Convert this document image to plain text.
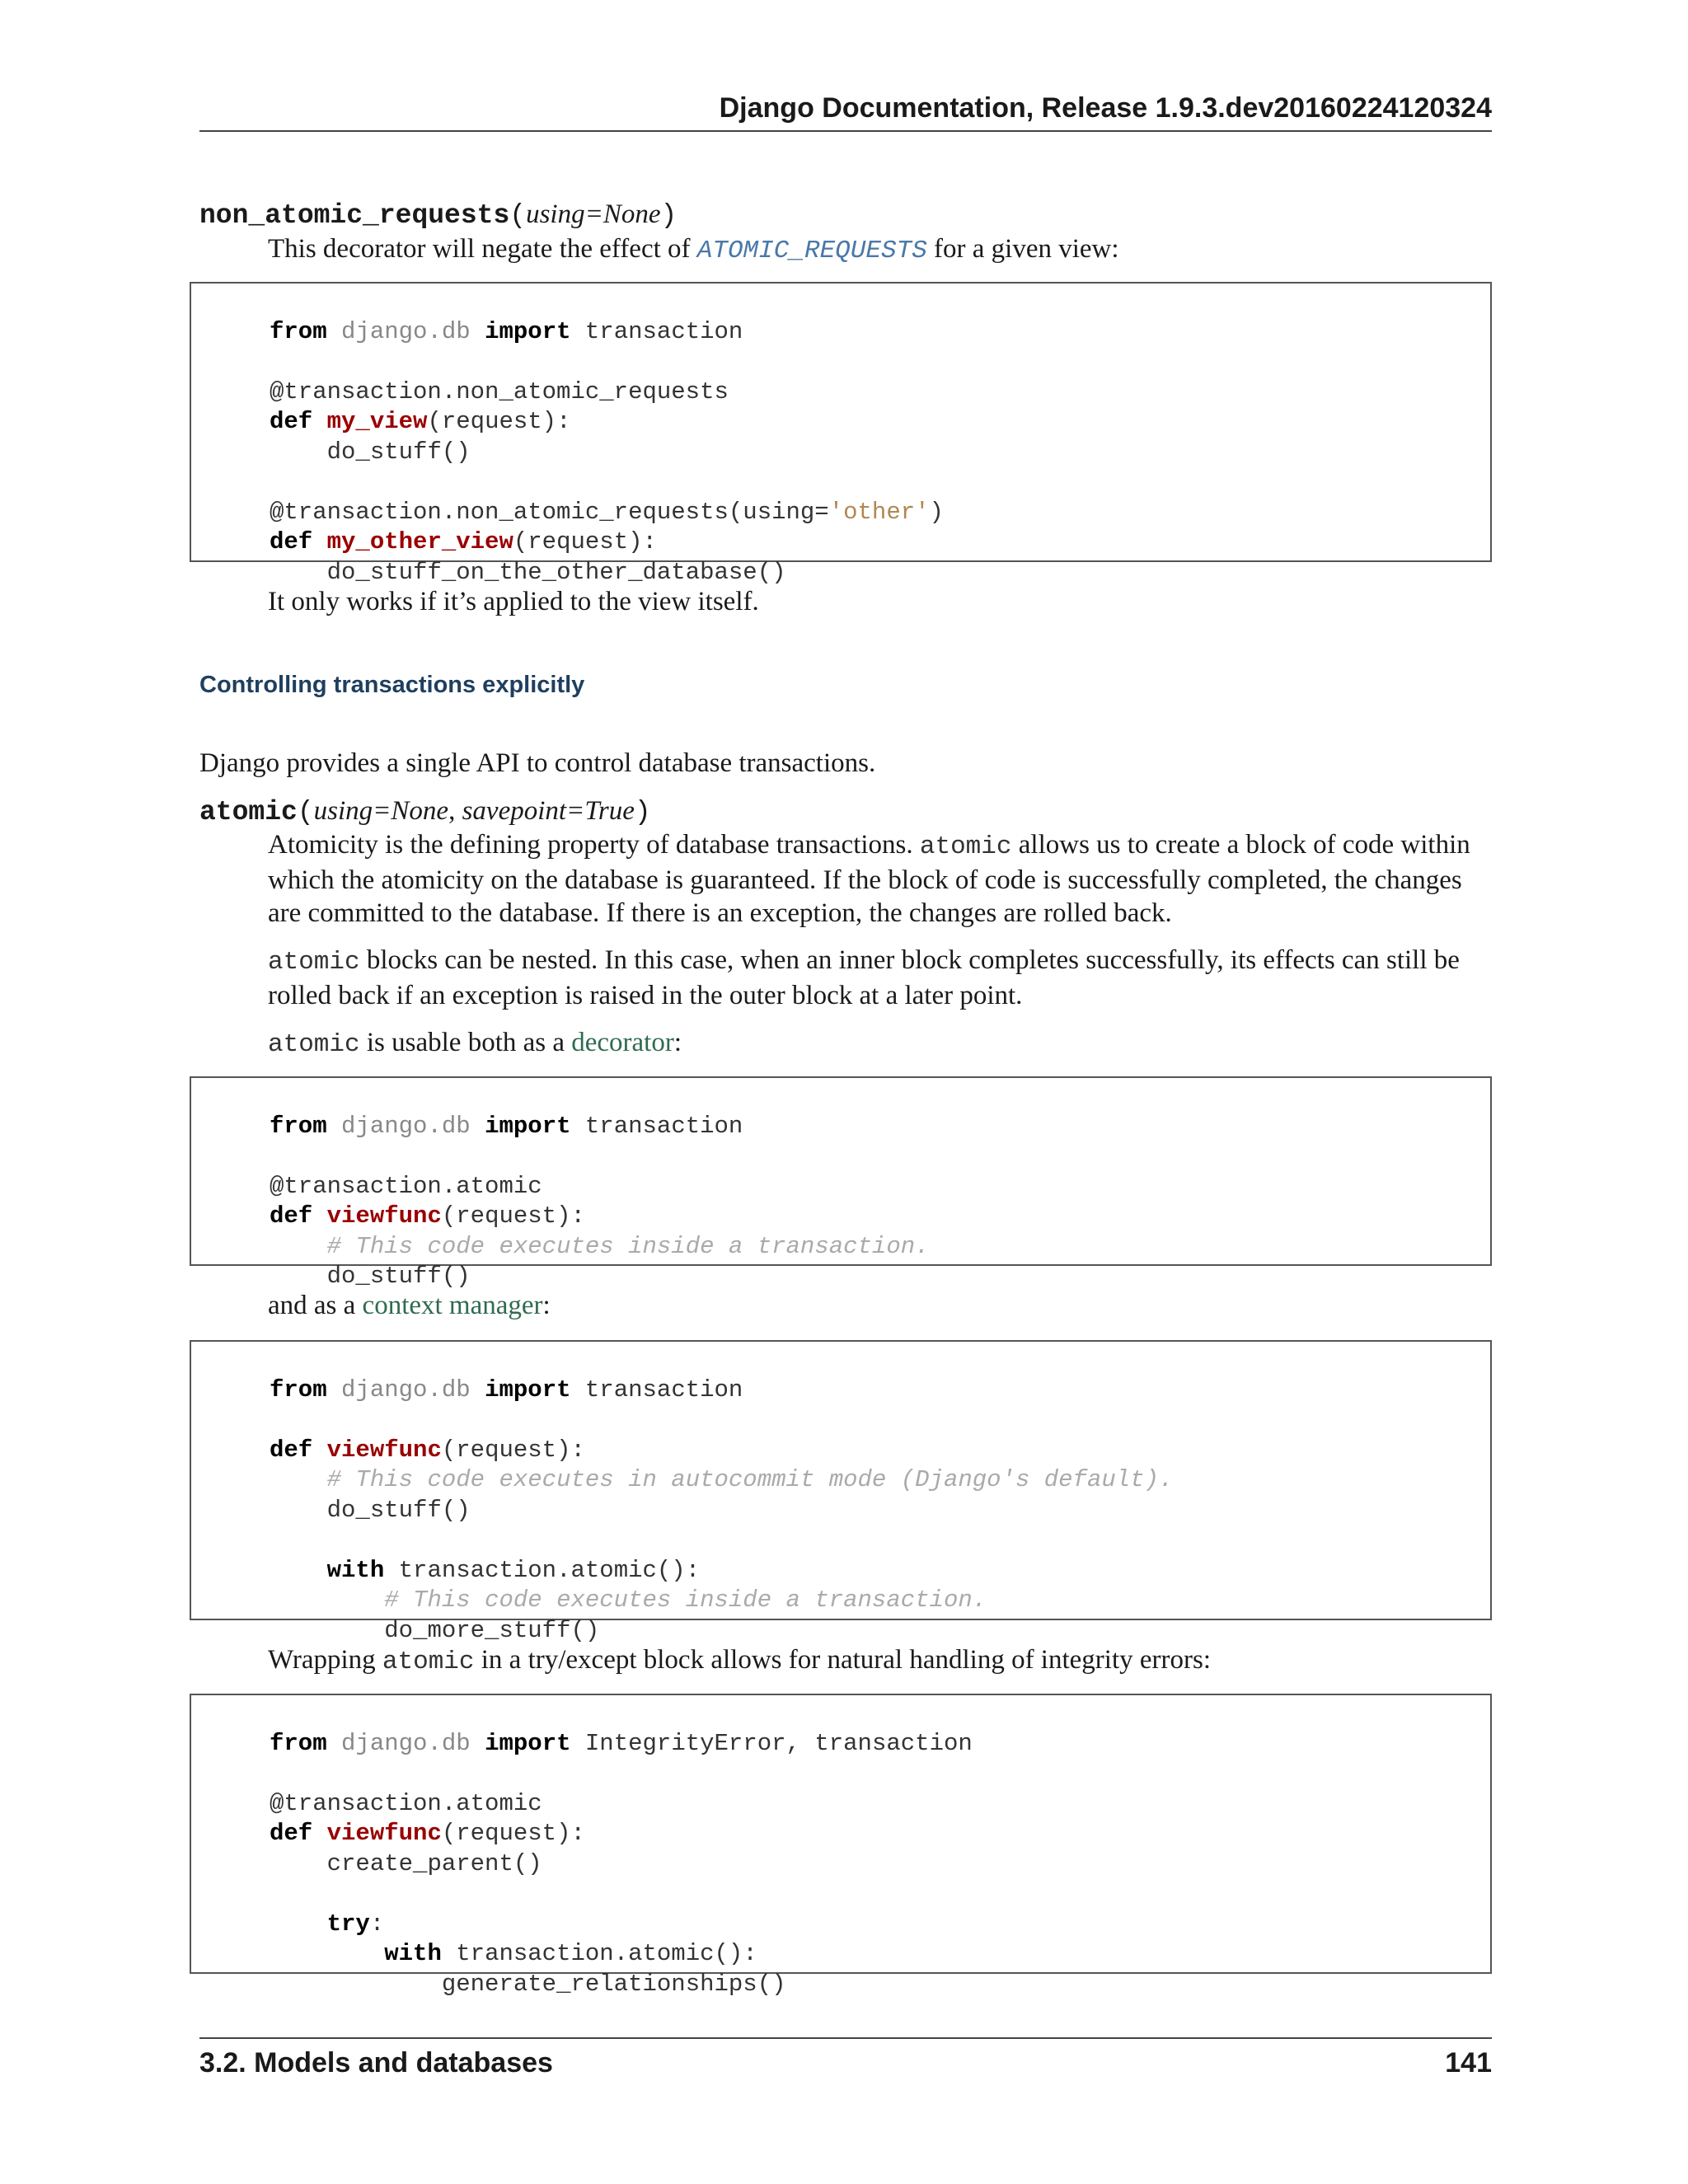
Django Documentation, Release 1.9.3.dev20160224120324
non_atomic_requests(using=None)
This decorator will negate the effect of ATOMIC_REQUESTS for a given view:

from django.db import transaction
@transaction.non_atomic_requests
def my_view(request):
do_stuff()
@transaction.non_atomic_requests(using='other')
def my_other_view(request):
do_stuff_on_the_other_database()
It only works if it’s applied to the view itself.
Controlling transactions explicitly
Django provides a single API to control database transactions.
atomic(using=None, savepoint=True)
Atomicity is the defining property of database transactions. atomic allows us to create a block of code within which the atomicity on the database is guaranteed. If the block of code is successfully completed, the changes are committed to the database. If there is an exception, the changes are rolled back.
atomic blocks can be nested. In this case, when an inner block completes successfully, its effects can still be rolled back if an exception is raised in the outer block at a later point.
atomic is usable both as a decorator:

from django.db import transaction
@transaction.atomic
def viewfunc(request):
# This code executes inside a transaction.
do_stuff()
and as a context manager:

from django.db import transaction
def viewfunc(request):
# This code executes in autocommit mode (Django's default).
do_stuff()
with transaction.atomic():
# This code executes inside a transaction.
do_more_stuff()
Wrapping atomic in a try/except block allows for natural handling of integrity errors:

from django.db import IntegrityError, transaction
@transaction.atomic
def viewfunc(request):
create_parent()
try:
with transaction.atomic():
generate_relationships()
3.2. Models and databases	141
